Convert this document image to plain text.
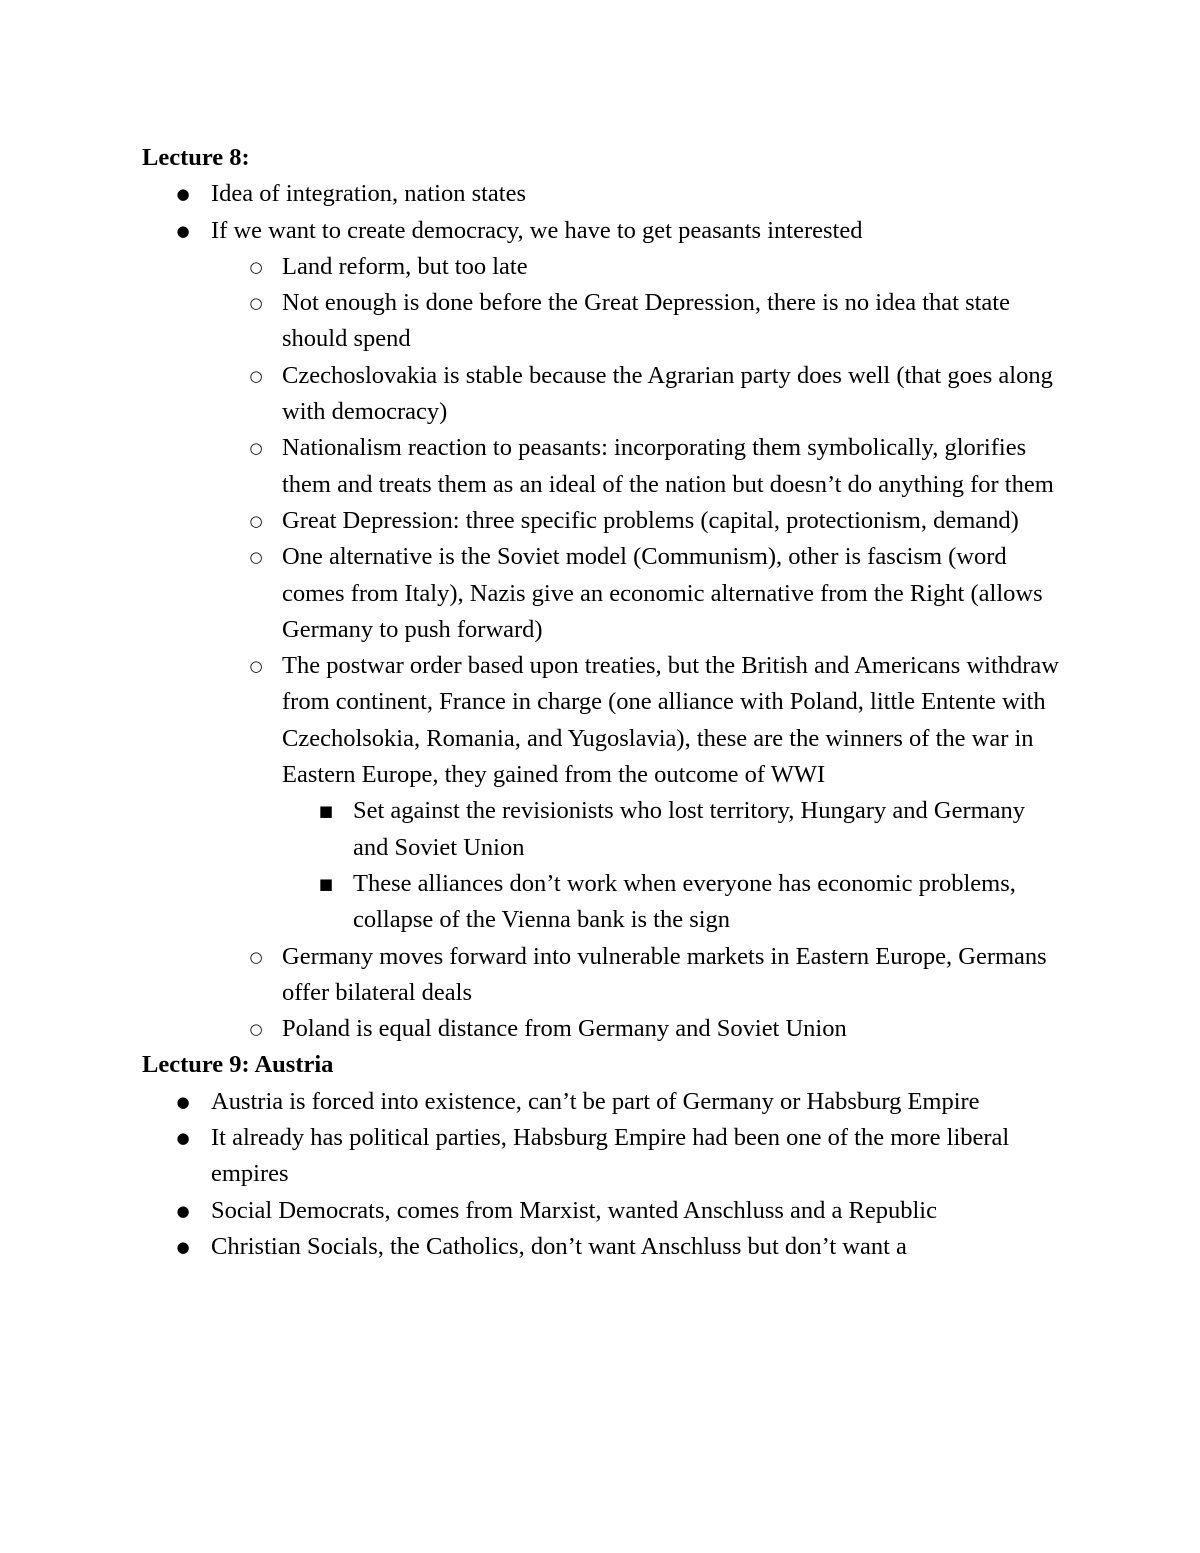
Lecture 8:

● Idea of integration, nation states
● If we want to create democracy, we have to get peasants interested
○ Land reform, but too late
○ Not enough is done before the Great Depression, there is no idea that state should spend
○ Czechoslovakia is stable because the Agrarian party does well (that goes along with democracy)
○ Nationalism reaction to peasants: incorporating them symbolically, glorifies them and treats them as an ideal of the nation but doesn’t do anything for them
○ Great Depression: three specific problems (capital, protectionism, demand)
○ One alternative is the Soviet model (Communism), other is fascism (word comes from Italy), Nazis give an economic alternative from the Right (allows Germany to push forward)
○ The postwar order based upon treaties, but the British and Americans withdraw from continent, France in charge (one alliance with Poland, little Entente with Czecholsokia, Romania, and Yugoslavia), these are the winners of the war in Eastern Europe, they gained from the outcome of WWI
■ Set against the revisionists who lost territory, Hungary and Germany and Soviet Union
■ These alliances don’t work when everyone has economic problems, collapse of the Vienna bank is the sign
○ Germany moves forward into vulnerable markets in Eastern Europe, Germans offer bilateral deals
○ Poland is equal distance from Germany and Soviet Union

Lecture 9: Austria

● Austria is forced into existence, can’t be part of Germany or Habsburg Empire
● It already has political parties, Habsburg Empire had been one of the more liberal empires
● Social Democrats, comes from Marxist, wanted Anschluss and a Republic
● Christian Socials, the Catholics, don’t want Anschluss but don’t want a
